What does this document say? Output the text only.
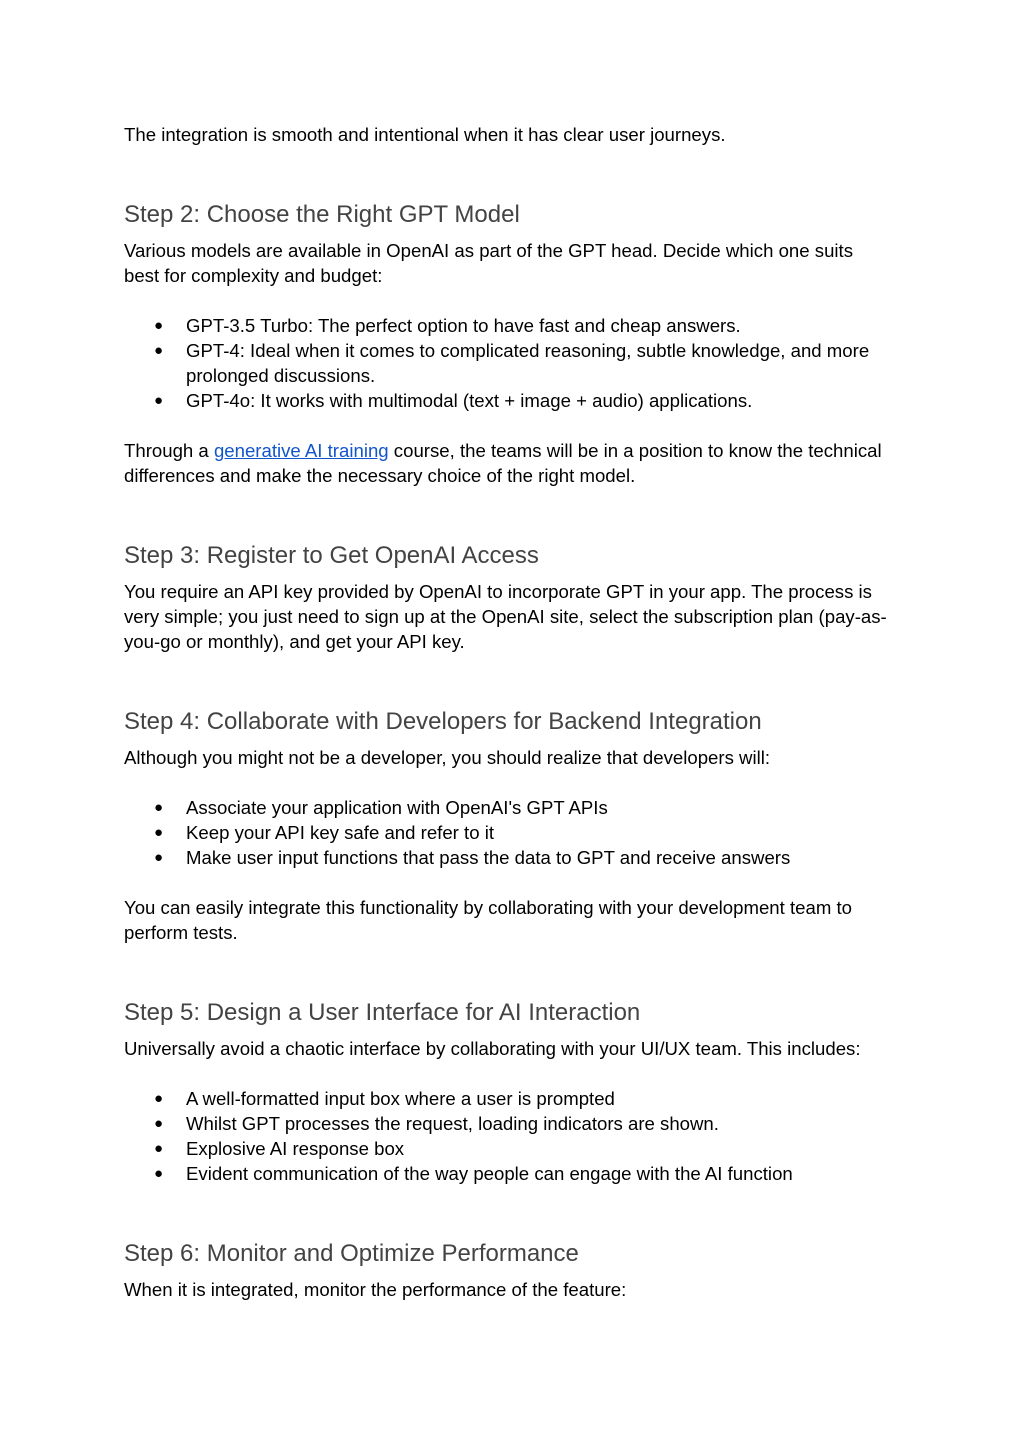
The integration is smooth and intentional when it has clear user journeys.

Step 2: Choose the Right GPT Model

Various models are available in OpenAI as part of the GPT head. Decide which one suits best for complexity and budget:

● GPT-3.5 Turbo: The perfect option to have fast and cheap answers.
● GPT-4: Ideal when it comes to complicated reasoning, subtle knowledge, and more prolonged discussions.
● GPT-4o: It works with multimodal (text + image + audio) applications.

Through a generative AI training course, the teams will be in a position to know the technical differences and make the necessary choice of the right model.

Step 3: Register to Get OpenAI Access

You require an API key provided by OpenAI to incorporate GPT in your app. The process is very simple; you just need to sign up at the OpenAI site, select the subscription plan (pay-as-you-go or monthly), and get your API key.

Step 4: Collaborate with Developers for Backend Integration

Although you might not be a developer, you should realize that developers will:

● Associate your application with OpenAI's GPT APIs
● Keep your API key safe and refer to it
● Make user input functions that pass the data to GPT and receive answers

You can easily integrate this functionality by collaborating with your development team to perform tests.

Step 5: Design a User Interface for AI Interaction

Universally avoid a chaotic interface by collaborating with your UI/UX team. This includes:

● A well-formatted input box where a user is prompted
● Whilst GPT processes the request, loading indicators are shown.
● Explosive AI response box
● Evident communication of the way people can engage with the AI function
Step 6: Monitor and Optimize Performance

When it is integrated, monitor the performance of the feature:
